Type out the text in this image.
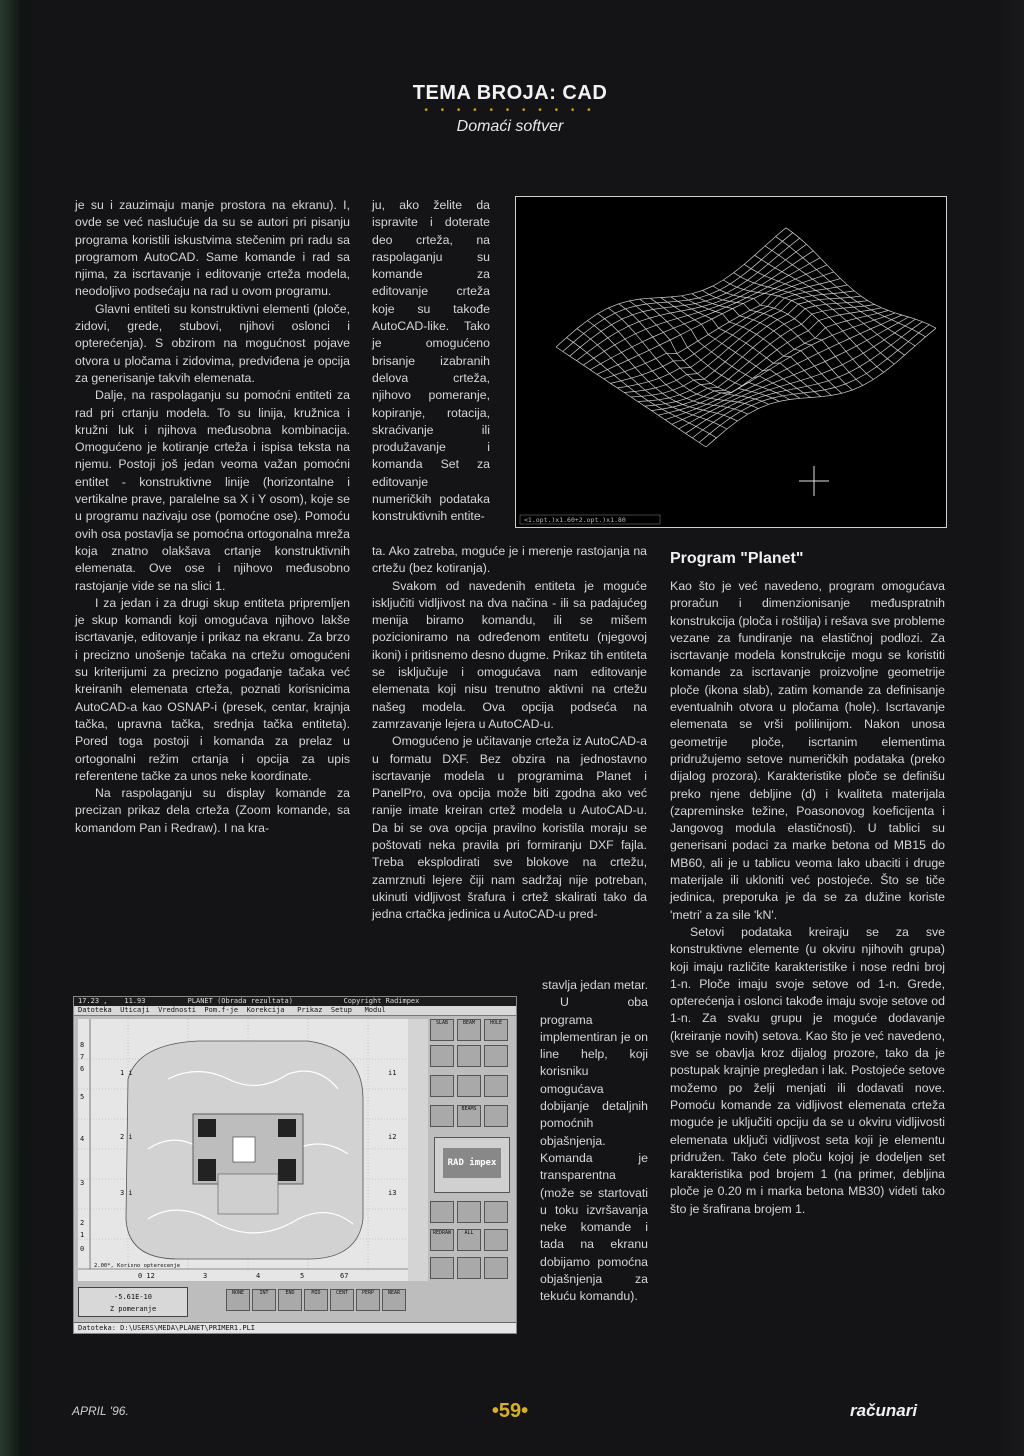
TEMA BROJA: CAD
• • • • • • • • • • •
Domaći softver

je su i zauzimaju manje prostora na ekranu). I, ovde se već naslućuje da su se autori pri pisanju programa koristili iskustvima stečenim pri radu sa programom AutoCAD. Same komande i rad sa njima, za iscrtavanje i editovanje crteža modela, neodoljivo podsećaju na rad u ovom programu.

Glavni entiteti su konstruktivni elementi (ploče, zidovi, grede, stubovi, njihovi oslonci i opterećenja). S obzirom na mogućnost pojave otvora u pločama i zidovima, predviđena je opcija za generisanje takvih elemenata.

Dalje, na raspolaganju su pomoćni entiteti za rad pri crtanju modela. To su linija, kružnica i kružni luk i njihova međusobna kombinacija. Omogućeno je kotiranje crteža i ispisa teksta na njemu. Postoji još jedan veoma važan pomoćni entitet - konstruktivne linije (horizontalne i vertikalne prave, paralelne sa X i Y osom), koje se u programu nazivaju ose (pomoćne ose). Pomoću ovih osa postavlja se pomoćna ortogonalna mreža koja znatno olakšava crtanje konstruktivnih elemenata. Ove ose i njihovo međusobno rastojanje vide se na slici 1.

I za jedan i za drugi skup entiteta pripremljen je skup komandi koji omogućava njihovo lakše iscrtavanje, editovanje i prikaz na ekranu. Za brzo i precizno unošenje tačaka na crtežu omogućeni su kriterijumi za precizno pogađanje tačaka već kreiranih elemenata crteža, poznati korisnicima AutoCAD-a kao OSNAP-i (presek, centar, krajnja tačka, upravna tačka, srednja tačka entiteta). Pored toga postoji i komanda za prelaz u ortogonalni režim crtanja i opcija za upis referentene tačke za unos neke koordinate.

Na raspolaganju su display komande za precizan prikaz dela crteža (Zoom komande, sa komandom Pan i Redraw). I na kra-

ju, ako želite da ispravite i doterate deo crteža, na raspolaganju su komande za editovanje crteža koje su takođe AutoCAD-like. Tako je omogućeno brisanje izabranih delova crteža, njihovo pomeranje, kopiranje, rotacija, skraćivanje ili produžavanje i komanda Set za editovanje numeričkih podataka konstruktivnih entite-

ta. Ako zatreba, moguće je i merenje rastojanja na crtežu (bez kotiranja).

Svakom od navedenih entiteta je moguće isključiti vidljivost na dva načina - ili sa padajućeg menija biramo komandu, ili se mišem pozicioniramo na određenom entitetu (njegovoj ikoni) i pritisnemo desno dugme. Prikaz tih entiteta se isključuje i omogućava nam editovanje elemenata koji nisu trenutno aktivni na crtežu našeg modela. Ova opcija podseća na zamrzavanje lejera u AutoCAD-u.

Omogućeno je učitavanje crteža iz AutoCAD-a u formatu DXF. Bez obzira na jednostavno iscrtavanje modela u programima Planet i PanelPro, ova opcija može biti zgodna ako već ranije imate kreiran crtež modela u AutoCAD-u. Da bi se ova opcija pravilno koristila moraju se poštovati neka pravila pri formiranju DXF fajla. Treba eksplodirati sve blokove na crtežu, zamrznuti lejere čiji nam sadržaj nije potreban, ukinuti vidljivost šrafura i crtež skalirati tako da jedna crtačka jedinica u AutoCAD-u pred-

stavlja jedan metar.

U oba programa implementiran je on line help, koji korisniku omogućava dobijanje detaljnih pomoćnih objašnjenja. Komanda je transparentna (može se startovati u toku izvršavanja neke komande i tada na ekranu dobijamo pomoćna objašnjenja za tekuću komandu).

Program "Planet"

Kao što je već navedeno, program omogućava proračun i dimenzionisanje međuspratnih konstrukcija (ploča i roštilja) i rešava sve probleme vezane za fundiranje na elastičnoj podlozi. Za iscrtavanje modela konstrukcije mogu se koristiti komande za iscrtavanje proizvoljne geometrije ploče (ikona slab), zatim komande za definisanje eventualnih otvora u pločama (hole). Iscrtavanje elemenata se vrši polilinijom. Nakon unosa geometrije ploče, iscrtanim elementima pridružujemo setove numeričkih podataka (preko dijalog prozora). Karakteristike ploče se definišu preko njene debljine (d) i kvaliteta materijala (zapreminske težine, Poasonovog koeficijenta i Jangovog modula elastičnosti). U tablici su generisani podaci za marke betona od MB15 do MB60, ali je u tablicu veoma lako ubaciti i druge materijale ili ukloniti već postojeće. Što se tiče jedinica, preporuka je da se za dužine koriste 'metri' a za sile 'kN'.

Setovi podataka kreiraju se za sve konstruktivne elemente (u okviru njihovih grupa) koji imaju različite karakteristike i nose redni broj 1-n. Ploče imaju svoje setove od 1-n. Grede, opterećenja i oslonci takođe imaju svoje setove od 1-n. Za svaku grupu je moguće dodavanje (kreiranje novih) setova. Kao što je već navedeno, sve se obavlja kroz dijalog prozore, tako da je postupak krajnje pregledan i lak. Postojeće setove možemo po želji menjati ili dodavati nove. Pomoću komande za vidljivost elemenata crteža moguće je uključiti opciju da se u okviru vidljivosti elemenata uključi vidljivost seta koji je elementu pridružen. Tako ćete ploču kojoj je dodeljen set karakteristika pod brojem 1 (na primer, debljina ploče je 0.20 m i marka betona MB30) videti tako što je šrafirana brojem 1.

<1.opt.)x1.60+2.opt.)x1.80
17.23 ,    11.93          PLANET (Obrada rezultata)            Copyright Radimpex
Datoteka  Uticaji  Vrednosti  Pom.f-je  Korekcija   Prikaz  Setup   Modul
8
7
6
5
4
3
2
1
0
0 12	3	4	5	67
1 i
2 i
3 i
i1
i2
i3
2.00*, Korisno opterecenje
SLAB	BEAM	HOLE
BEAMS
RAD impex
REDRAW	ALL
-5.61E-10
Z pomeranje
NONE	INT	END	MID	CENT	PERP	NEAR
Datoteka: D:\USERS\MEDA\PLANET\PRIMER1.PLI
APRIL '96.	•59•	računari
